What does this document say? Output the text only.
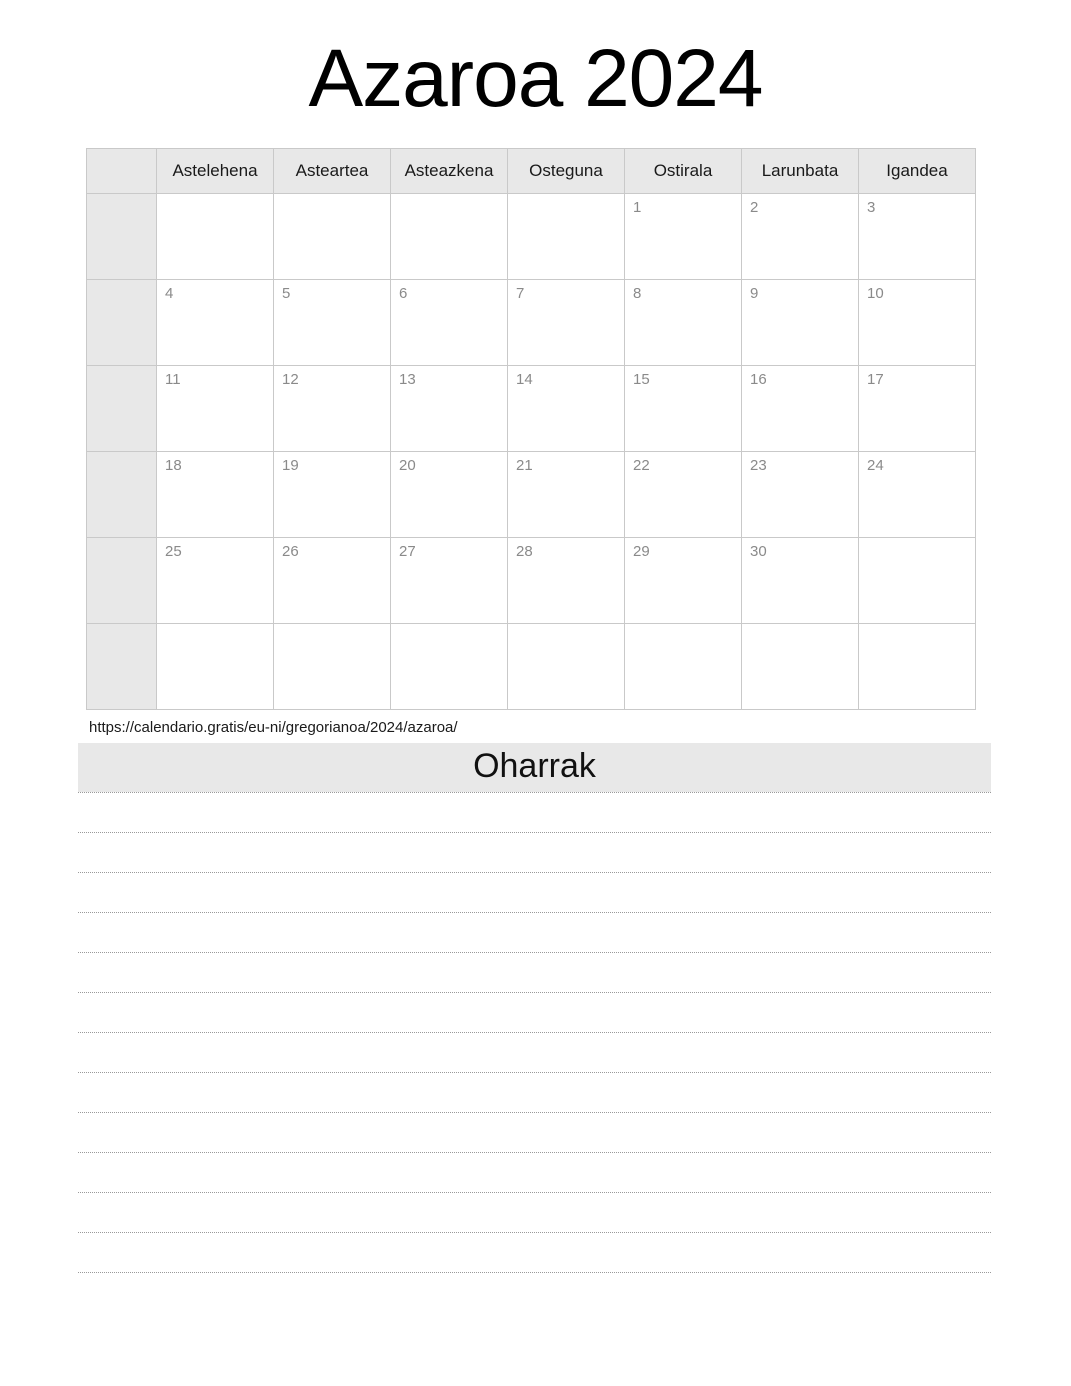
Azaroa 2024
	Astelehena	Asteartea	Asteazkena	Osteguna	Ostirala	Larunbata	Igandea

					1	2	3

	4	5	6	7	8	9	10

	11	12	13	14	15	16	17

	18	19	20	21	22	23	24

	25	26	27	28	29	30	

https://calendario.gratis/eu-ni/gregorianoa/2024/azaroa/
Oharrak
